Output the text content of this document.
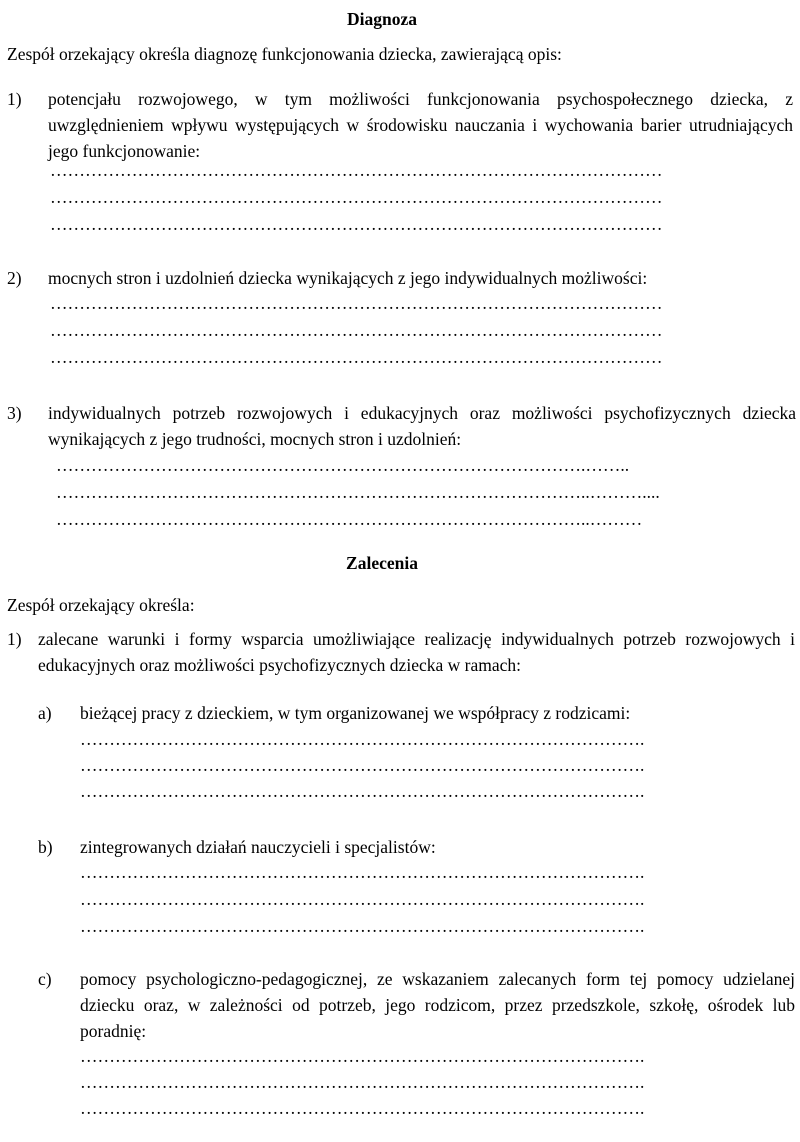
Diagnoza
Zespół orzekający określa diagnozę funkcjonowania dziecka, zawierającą opis:
1) potencjału rozwojowego, w tym możliwości funkcjonowania psychospołecznego dziecka, z uwzględnieniem wpływu występujących w środowisku nauczania i wychowania barier utrudniających jego funkcjonowanie:
……………………………………………………………………………………………
……………………………………………………………………………………………
……………………………………………………………………………………………
2) mocnych stron i uzdolnień dziecka wynikających z jego indywidualnych możliwości:
……………………………………………………………………………………………
……………………………………………………………………………………………
……………………………………………………………………………………………
3) indywidualnych potrzeb rozwojowych i edukacyjnych oraz możliwości psychofizycznych dziecka wynikających z jego trudności, mocnych stron i uzdolnień:
……………………………………………………………………………….……..
………………………………………………………………………………..………....
………………………………………………………………………………..………
Zalecenia
Zespół orzekający określa:
1) zalecane warunki i formy wsparcia umożliwiające realizację indywidualnych potrzeb rozwojowych i edukacyjnych oraz możliwości psychofizycznych dziecka w ramach:
a) bieżącej pracy z dzieckiem, w tym organizowanej we współpracy z rodzicami:
…………………………………………………………………………………….
…………………………………………………………………………………….
…………………………………………………………………………………….
b) zintegrowanych działań nauczycieli i specjalistów:
…………………………………………………………………………………….
…………………………………………………………………………………….
…………………………………………………………………………………….
c) pomocy psychologiczno-pedagogicznej, ze wskazaniem zalecanych form tej pomocy udzielanej dziecku oraz, w zależności od potrzeb, jego rodzicom, przez przedszkole, szkołę, ośrodek lub poradnię:
…………………………………………………………………………………….
…………………………………………………………………………………….
…………………………………………………………………………………….
